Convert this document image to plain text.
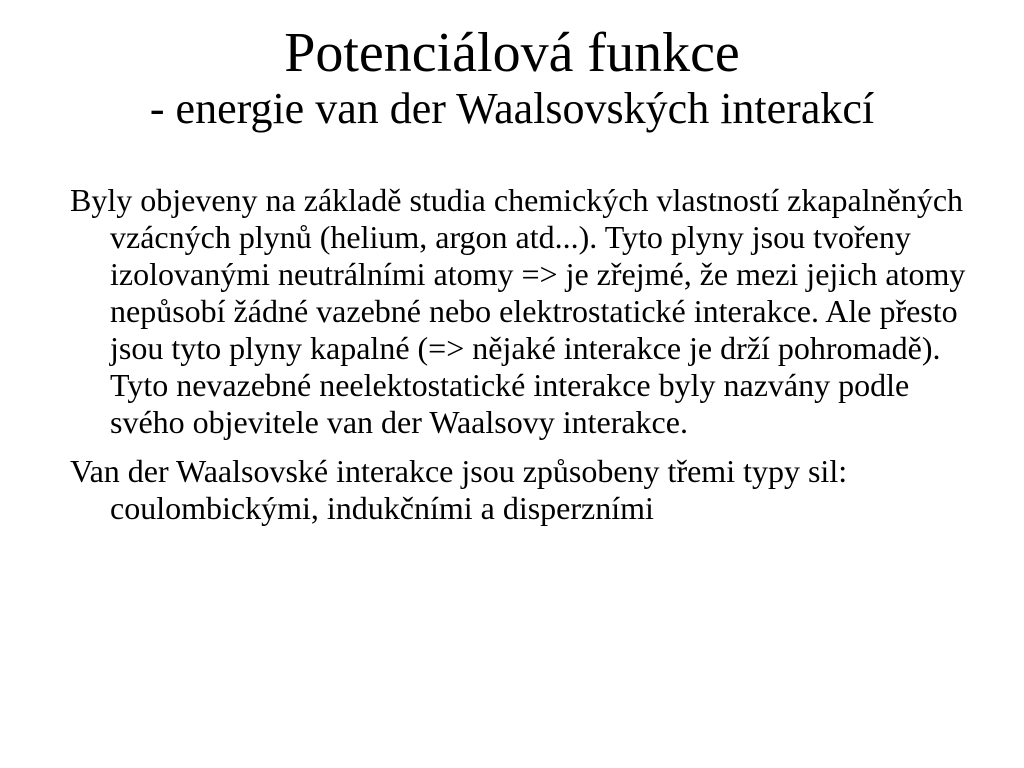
Potenciálová funkce
- energie van der Waalsovských interakcí

Byly objeveny na základě studia chemických vlastností zkapalněných vzácných plynů (helium, argon atd...). Tyto plyny jsou tvořeny izolovanými neutrálními atomy => je zřejmé, že mezi jejich atomy nepůsobí žádné vazebné nebo elektrostatické interakce. Ale přesto jsou tyto plyny kapalné (=> nějaké interakce je drží pohromadě). Tyto nevazebné neelektostatické interakce byly nazvány podle svého objevitele van der Waalsovy interakce.

Van der Waalsovské interakce jsou způsobeny třemi typy sil: coulombickými, indukčními a disperzními
